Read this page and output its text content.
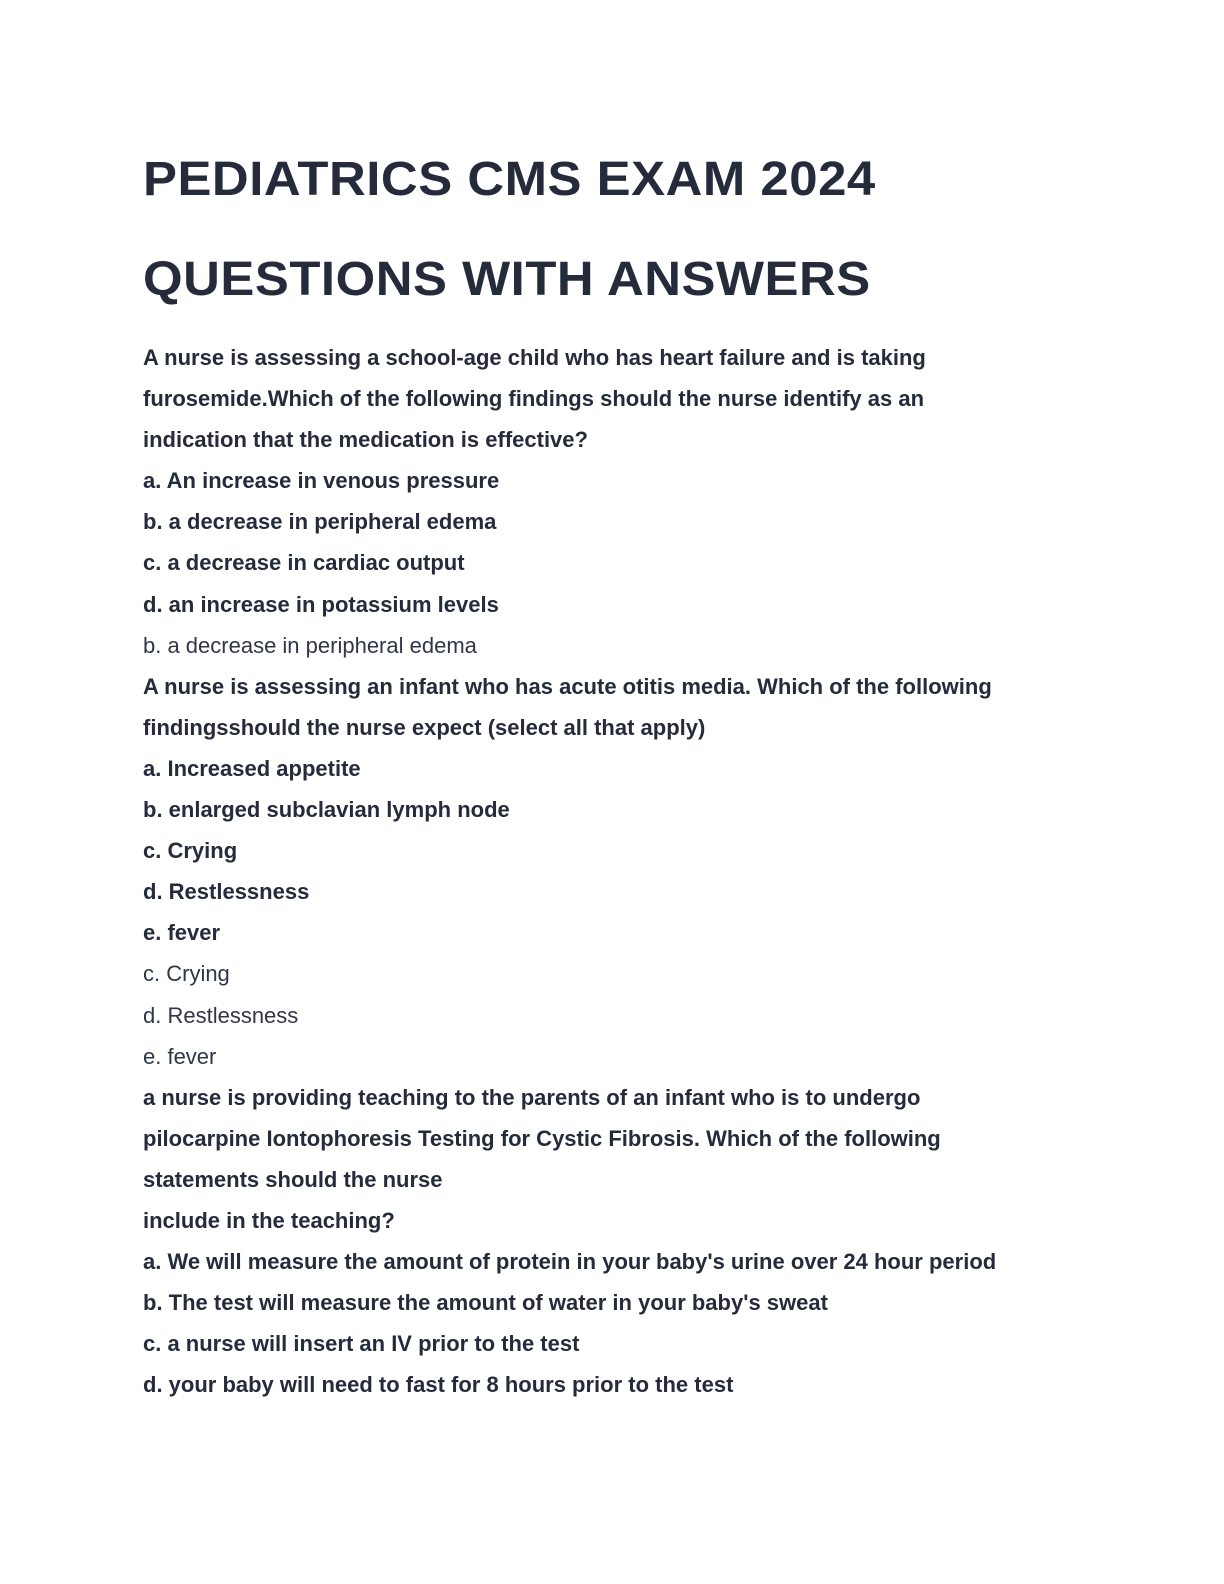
PEDIATRICS CMS EXAM 2024
QUESTIONS WITH ANSWERS
A nurse is assessing a school-age child who has heart failure and is taking
furosemide.Which of the following findings should the nurse identify as an
indication that the medication is effective?
a. An increase in venous pressure
b. a decrease in peripheral edema
c. a decrease in cardiac output
d. an increase in potassium levels
b. a decrease in peripheral edema
A nurse is assessing an infant who has acute otitis media. Which of the following
findingsshould the nurse expect (select all that apply)
a. Increased appetite
b. enlarged subclavian lymph node
c. Crying
d. Restlessness
e. fever
c. Crying
d. Restlessness
e. fever
a nurse is providing teaching to the parents of an infant who is to undergo
pilocarpine Iontophoresis Testing for Cystic Fibrosis. Which of the following
statements should the nurse
include in the teaching?
a. We will measure the amount of protein in your baby's urine over 24 hour period
b. The test will measure the amount of water in your baby's sweat
c. a nurse will insert an IV prior to the test
d. your baby will need to fast for 8 hours prior to the test
